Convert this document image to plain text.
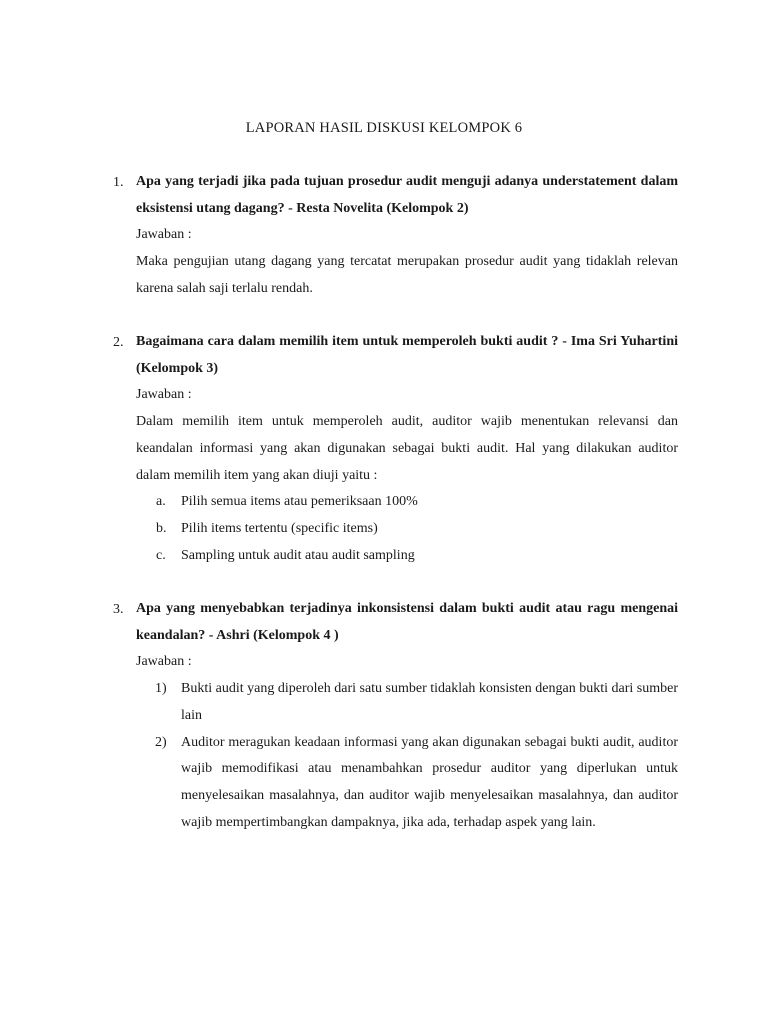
LAPORAN HASIL DISKUSI KELOMPOK 6
1. Apa yang terjadi jika pada tujuan prosedur audit menguji adanya understatement dalam eksistensi utang dagang? - Resta Novelita (Kelompok 2)
Jawaban :
Maka pengujian utang dagang yang tercatat merupakan prosedur audit yang tidaklah relevan karena salah saji terlalu rendah.
2. Bagaimana cara dalam memilih item untuk memperoleh bukti audit ? - Ima Sri Yuhartini (Kelompok 3)
Jawaban :
Dalam memilih item untuk memperoleh audit, auditor wajib menentukan relevansi dan keandalan informasi yang akan digunakan sebagai bukti audit. Hal yang dilakukan auditor dalam memilih item yang akan diuji yaitu :
a. Pilih semua items atau pemeriksaan 100%
b. Pilih items tertentu (specific items)
c. Sampling untuk audit atau audit sampling
3. Apa yang menyebabkan terjadinya inkonsistensi dalam bukti audit atau ragu mengenai keandalan? - Ashri (Kelompok 4 )
Jawaban :
1) Bukti audit yang diperoleh dari satu sumber tidaklah konsisten dengan bukti dari sumber lain
2) Auditor meragukan keadaan informasi yang akan digunakan sebagai bukti audit, auditor wajib memodifikasi atau menambahkan prosedur auditor yang diperlukan untuk menyelesaikan masalahnya, dan auditor wajib menyelesaikan masalahnya, dan auditor wajib mempertimbangkan dampaknya, jika ada, terhadap aspek yang lain.
